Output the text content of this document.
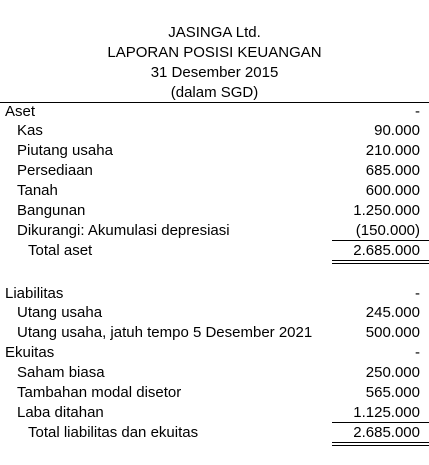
JASINGA Ltd.
LAPORAN POSISI KEUANGAN
31 Desember 2015
(dalam SGD)
Aset	-
Kas	90.000
Piutang usaha	210.000
Persediaan	685.000
Tanah	600.000
Bangunan	1.250.000
Dikurangi: Akumulasi depresiasi	(150.000)
Total aset	2.685.000
Liabilitas	-
Utang usaha	245.000
Utang usaha, jatuh tempo 5 Desember 2021	500.000
Ekuitas	-
Saham biasa	250.000
Tambahan modal disetor	565.000
Laba ditahan	1.125.000
Total liabilitas dan ekuitas	2.685.000
